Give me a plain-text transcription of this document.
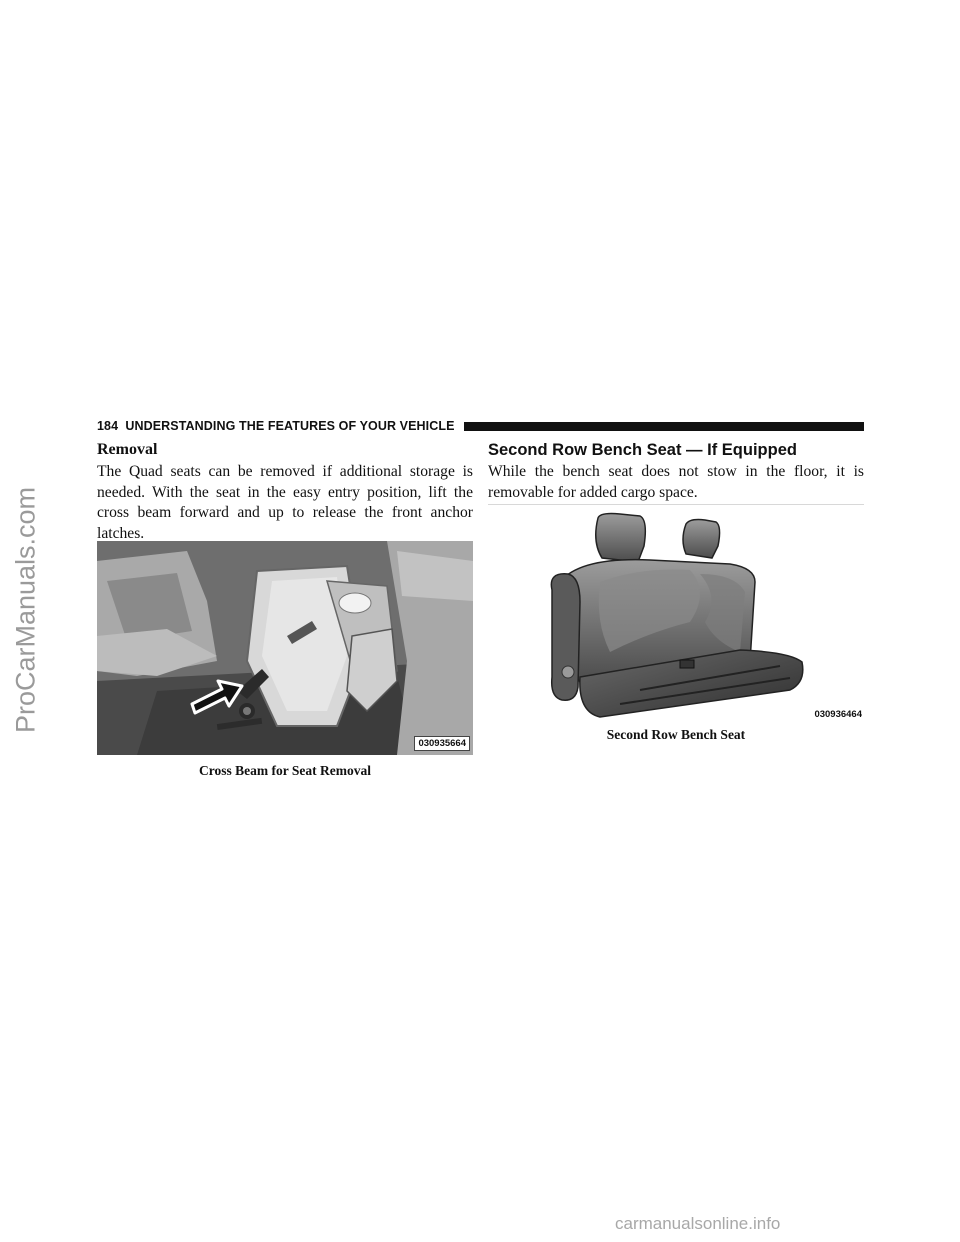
ProCarManuals.com
184 UNDERSTANDING THE FEATURES OF YOUR VEHICLE
Removal

The Quad seats can be removed if additional storage is needed. With the seat in the easy entry position, lift the cross beam forward and up to release the front anchor latches.

030935664
Cross Beam for Seat Removal
Second Row Bench Seat — If Equipped

While the bench seat does not stow in the floor, it is removable for added cargo space.

030936464
Second Row Bench Seat
carmanualsonline.info
